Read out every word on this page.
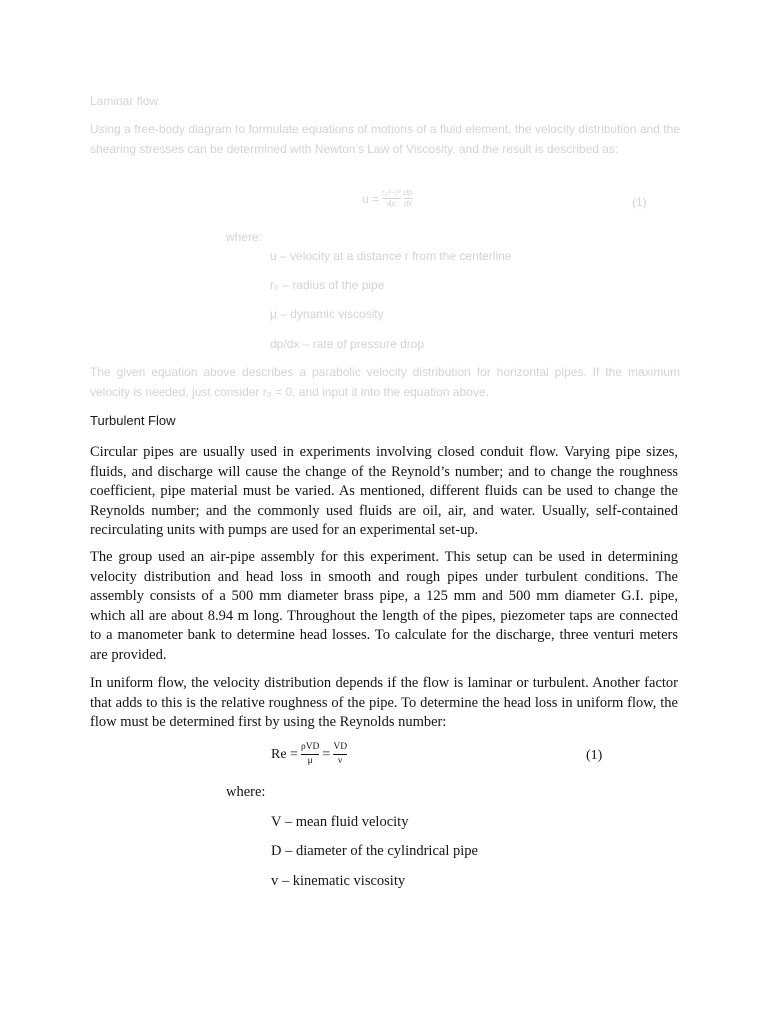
Laminar flow

Using a free-body diagram to formulate equations of motions of a fluid element, the velocity distribution and the shearing stresses can be determined with Newton’s Law of Viscosity, and the result is described as:

$u = \frac{\text{r₀²−r²}}{4\mu} \frac{dp}{dx}$	(1)
where:
u – velocity at a distance r from the centerline
r₀ – radius of the pipe
μ – dynamic viscosity
dp/dx – rate of pressure drop

The given equation above describes a parabolic velocity distribution for horizontal pipes. If the maximum velocity is needed, just consider r₀ = 0, and input it into the equation above.

Turbulent Flow

Circular pipes are usually used in experiments involving closed conduit flow. Varying pipe sizes, fluids, and discharge will cause the change of the Reynold’s number; and to change the roughness coefficient, pipe material must be varied. As mentioned, different fluids can be used to change the Reynolds number; and the commonly used fluids are oil, air, and water. Usually, self-contained recirculating units with pumps are used for an experimental set-up.

The group used an air-pipe assembly for this experiment. This setup can be used in determining velocity distribution and head loss in smooth and rough pipes under turbulent conditions. The assembly consists of a 500 mm diameter brass pipe, a 125 mm and 500 mm diameter G.I. pipe, which all are about 8.94 m long. Throughout the length of the pipes, piezometer taps are connected to a manometer bank to determine head losses. To calculate for the discharge, three venturi meters are provided.

In uniform flow, the velocity distribution depends if the flow is laminar or turbulent. Another factor that adds to this is the relative roughness of the pipe. To determine the head loss in uniform flow, the flow must be determined first by using the Reynolds number:

$Re = \frac{\text{ρVD}}{\mu} = \frac{VD}{\nu}$	(1)
where:
V – mean fluid velocity
D – diameter of the cylindrical pipe
v – kinematic viscosity
